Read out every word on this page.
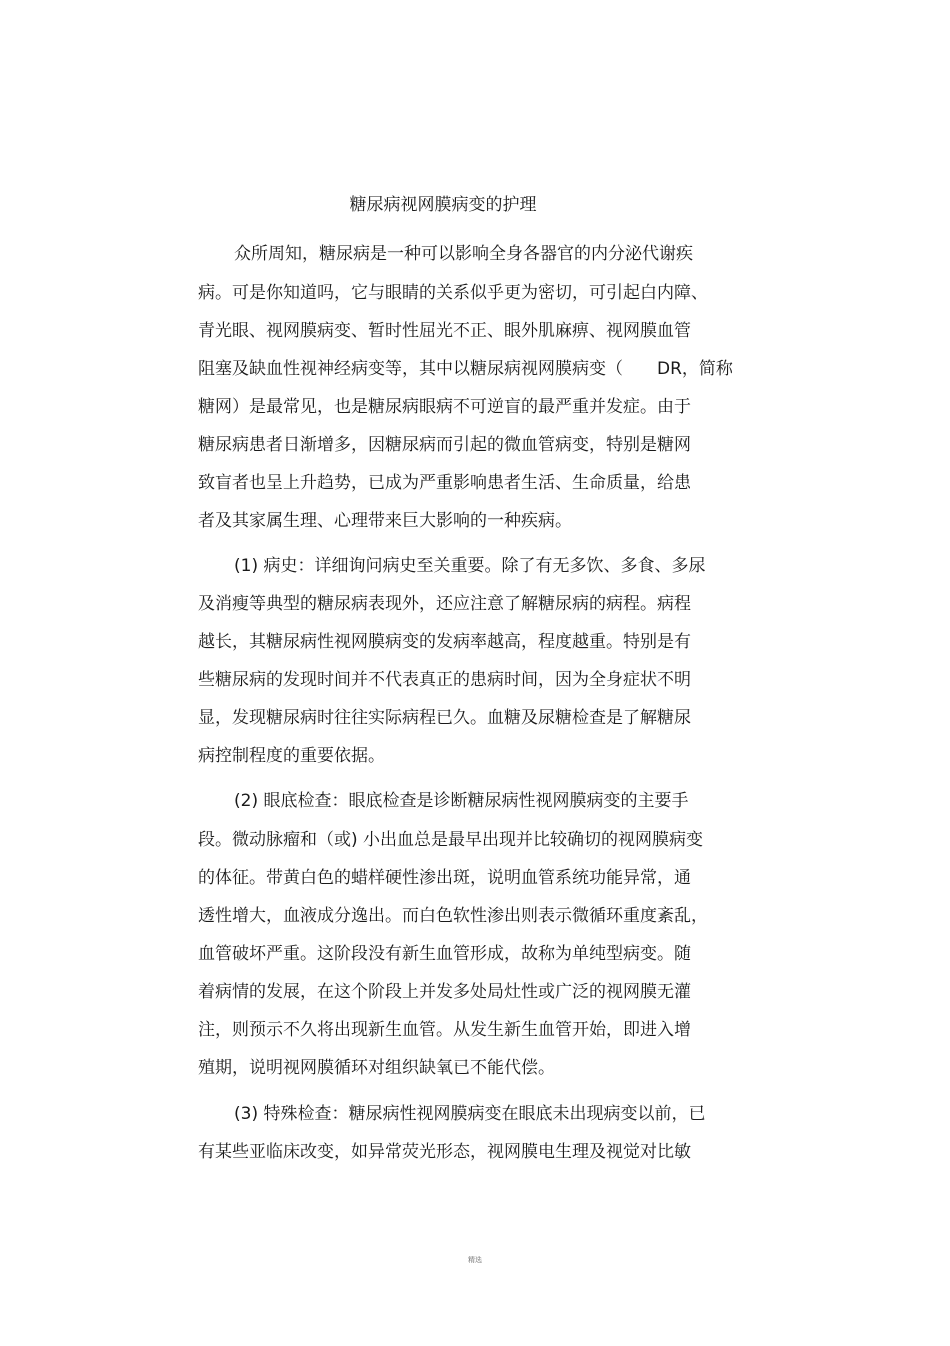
糖尿病视网膜病变的护理
众所周知，糖尿病是一种可以影响全身各器官的内分泌代谢疾
病。可是你知道吗，它与眼睛的关系似乎更为密切，可引起白内障、
青光眼、视网膜病变、暂时性屈光不正、眼外肌麻痹、视网膜血管
阻塞及缺血性视神经病变等，其中以糖尿病视网膜病变（　　DR，简称
糖网）是最常见，也是糖尿病眼病不可逆盲的最严重并发症。由于
糖尿病患者日渐增多，因糖尿病而引起的微血管病变，特别是糖网
致盲者也呈上升趋势，已成为严重影响患者生活、生命质量，给患
者及其家属生理、心理带来巨大影响的一种疾病。
(1) 病史：详细询问病史至关重要。除了有无多饮、多食、多尿
及消瘦等典型的糖尿病表现外，还应注意了解糖尿病的病程。病程
越长，其糖尿病性视网膜病变的发病率越高，程度越重。特别是有
些糖尿病的发现时间并不代表真正的患病时间，因为全身症状不明
显，发现糖尿病时往往实际病程已久。血糖及尿糖检查是了解糖尿
病控制程度的重要依据。
(2) 眼底检查：眼底检查是诊断糖尿病性视网膜病变的主要手
段。微动脉瘤和（或) 小出血总是最早出现并比较确切的视网膜病变
的体征。带黄白色的蜡样硬性渗出斑，说明血管系统功能异常，通
透性增大，血液成分逸出。而白色软性渗出则表示微循环重度紊乱，
血管破坏严重。这阶段没有新生血管形成，故称为单纯型病变。随
着病情的发展，在这个阶段上并发多处局灶性或广泛的视网膜无灌
注，则预示不久将出现新生血管。从发生新生血管开始，即进入增
殖期，说明视网膜循环对组织缺氧已不能代偿。
(3) 特殊检查：糖尿病性视网膜病变在眼底未出现病变以前，已
有某些亚临床改变，如异常荧光形态，视网膜电生理及视觉对比敏
精选
